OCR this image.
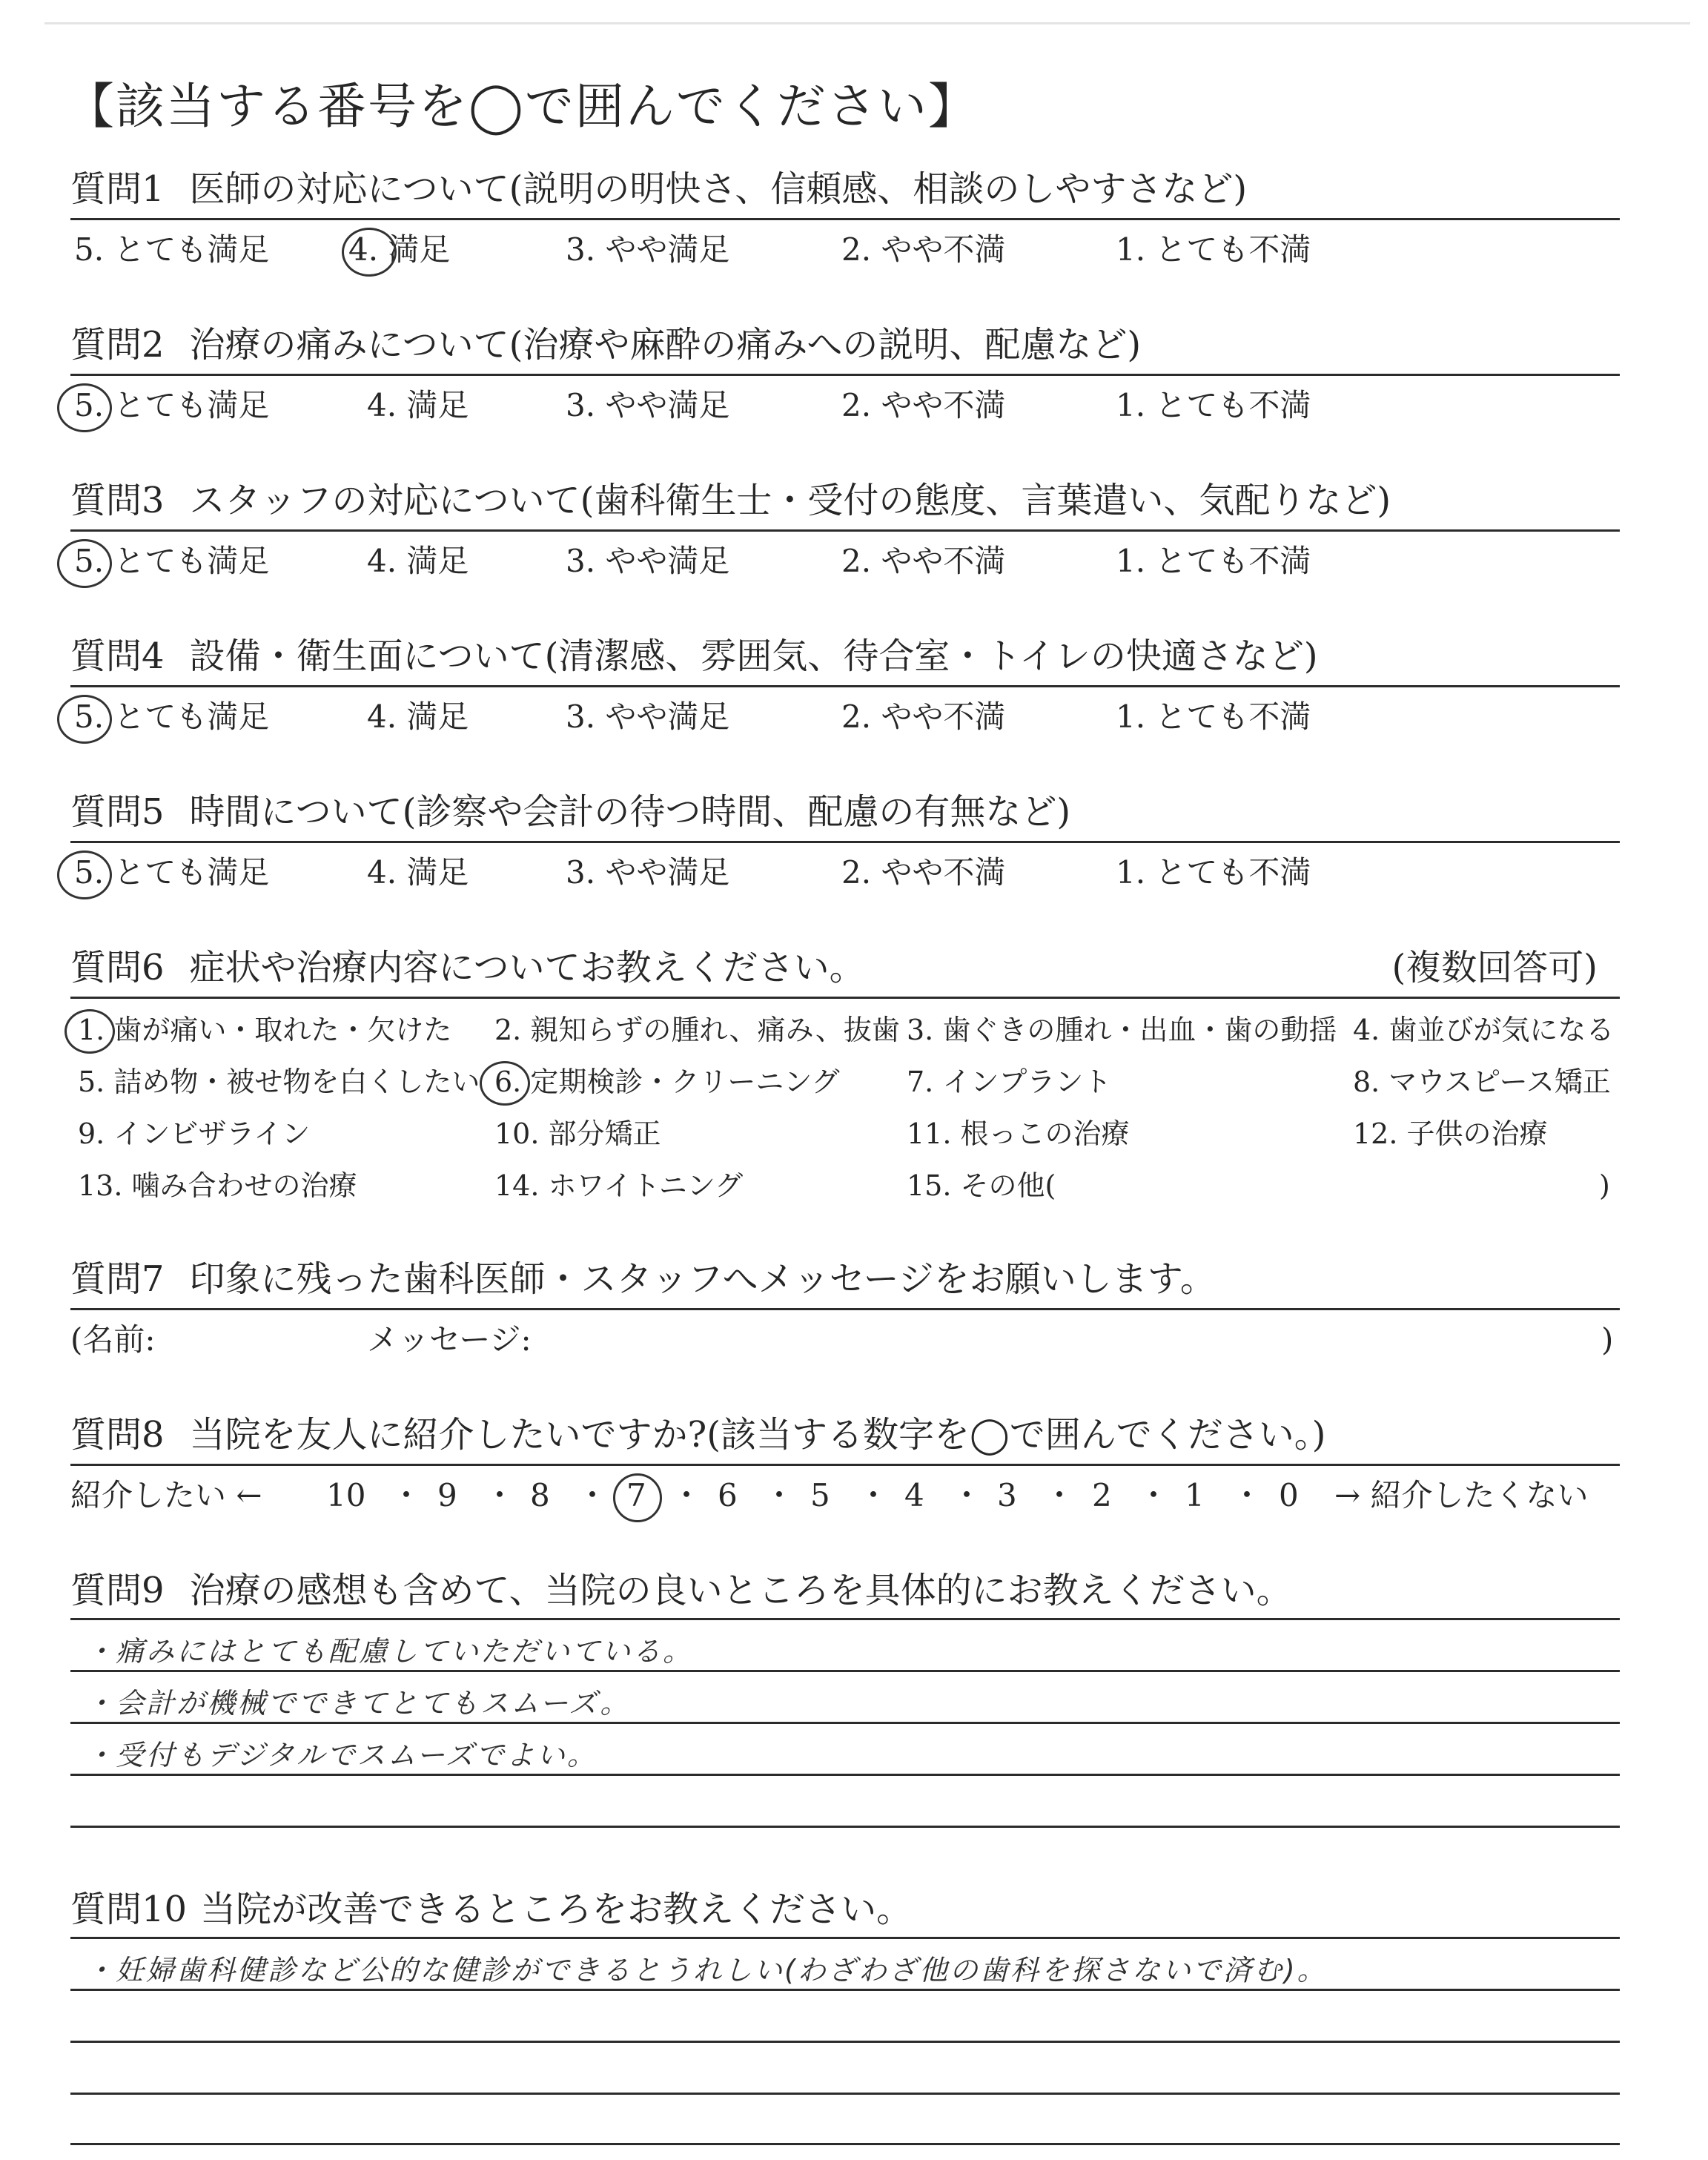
【該当する番号を◯で囲んでください】
質問1 医師の対応について(説明の明快さ、信頼感、相談のしやすさなど)
5. とても満足	4. 満足	3. やや満足	2. やや不満	1. とても不満
質問2 治療の痛みについて(治療や麻酔の痛みへの説明、配慮など)
5. とても満足	4. 満足	3. やや満足	2. やや不満	1. とても不満
質問3 スタッフの対応について(歯科衛生士・受付の態度、言葉遣い、気配りなど)
5. とても満足	4. 満足	3. やや満足	2. やや不満	1. とても不満
質問4 設備・衛生面について(清潔感、雰囲気、待合室・トイレの快適さなど)
5. とても満足	4. 満足	3. やや満足	2. やや不満	1. とても不満
質問5 時間について(診察や会計の待つ時間、配慮の有無など)
5. とても満足	4. 満足	3. やや満足	2. やや不満	1. とても不満
質問6 症状や治療内容についてお教えください。	(複数回答可)
1. 歯が痛い・取れた・欠けた 2. 親知らずの腫れ、痛み、抜歯 3. 歯ぐきの腫れ・出血・歯の動揺 4. 歯並びが気になる
5. 詰め物・被せ物を白くしたい 6. 定期検診・クリーニング 7. インプラント	8. マウスピース矯正
9. インビザライン	10. 部分矯正	11. 根っこの治療	12. 子供の治療
13. 噛み合わせの治療	14. ホワイトニング	15. その他(	)
質問7 印象に残った歯科医師・スタッフへメッセージをお願いします。
(名前:	メッセージ:	)
質問8 当院を友人に紹介したいですか?(該当する数字を◯で囲んでください。)
紹介したい ← 10 ・ 9 ・ 8 ・ 7 ・ 6 ・ 5 ・ 4 ・ 3 ・ 2 ・ 1 ・ 0 → 紹介したくない
質問9 治療の感想も含めて、当院の良いところを具体的にお教えください。
・痛みにはとても配慮していただいている。
・会計が機械でできてとてもスムーズ。
・受付もデジタルでスムーズでよい。
質問10 当院が改善できるところをお教えください。
・妊婦歯科健診など公的な健診ができるとうれしい(わざわざ他の歯科を探さないで済む)。
